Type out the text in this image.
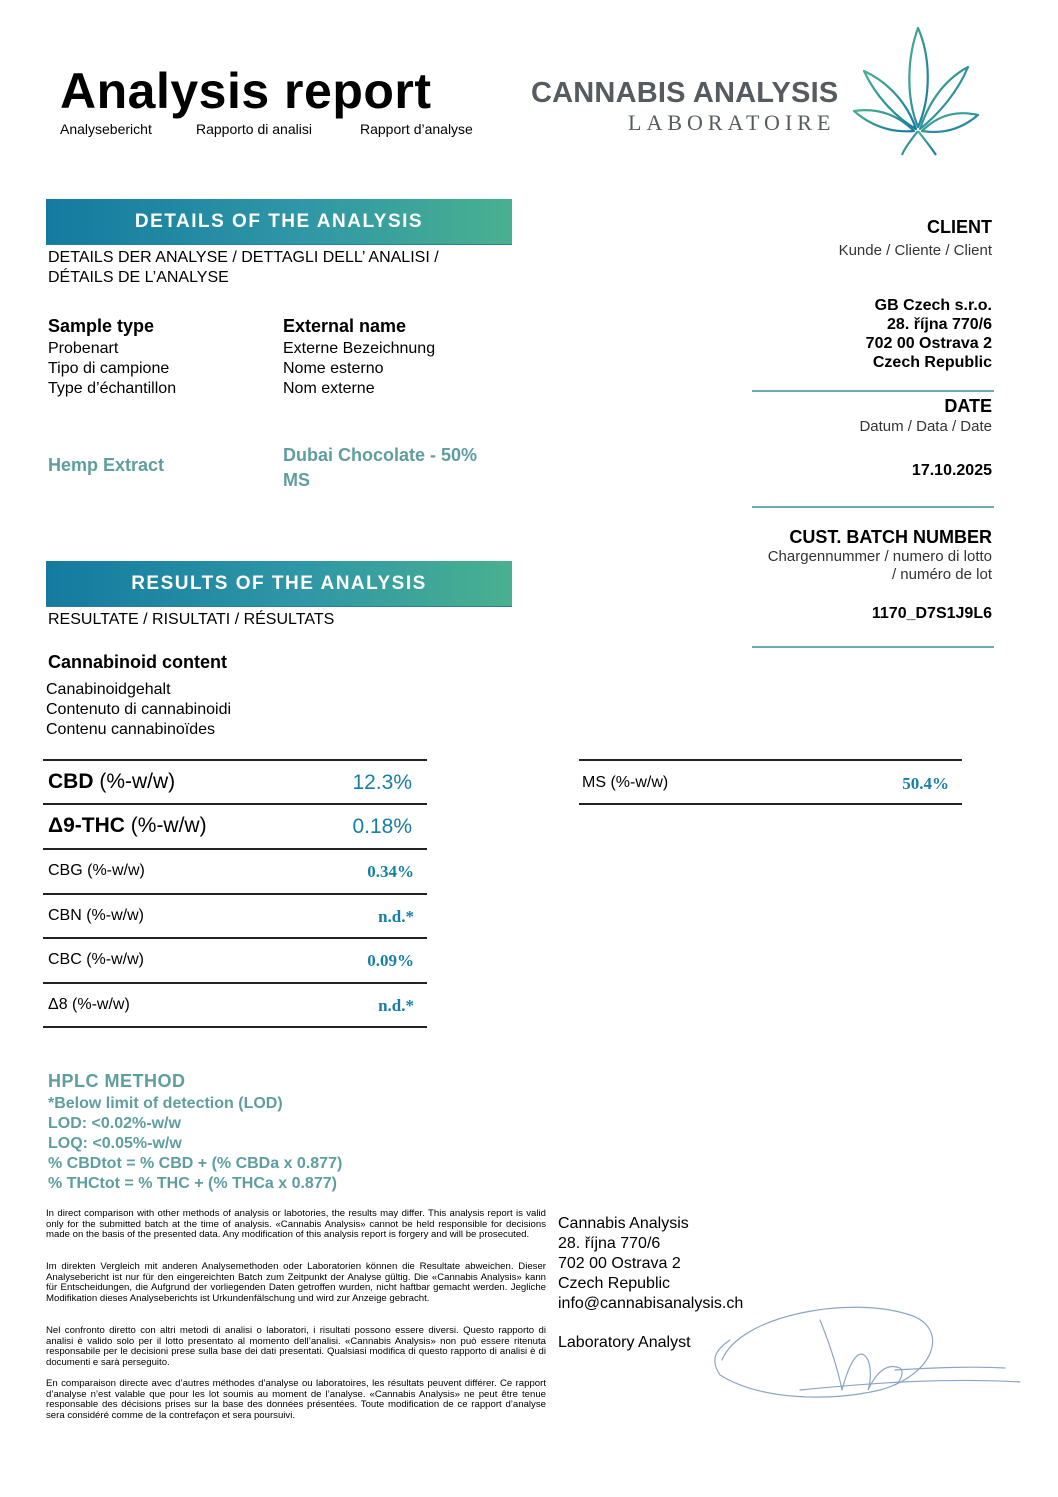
Analysis report
Analysebericht	Rapporto di analisi	Rapport d’analyse
CANNABIS ANALYSIS
LABORATOIRE
DETAILS OF THE ANALYSIS
DETAILS DER ANALYSE / DETTAGLI DELL’ ANALISI /
DÉTAILS DE L’ANALYSE
Sample type
Probenart
Tipo di campione
Type d’échantillon
Hemp Extract
External name
Externe Bezeichnung
Nome esterno
Nom externe
Dubai Chocolate - 50%
MS
CLIENT
Kunde / Cliente / Client
GB Czech s.r.o.
28. října 770/6
702 00 Ostrava 2
Czech Republic
DATE
Datum / Data / Date
17.10.2025
CUST. BATCH NUMBER
Chargennummer / numero di lotto
/ numéro de lot
1170_D7S1J9L6
RESULTS OF THE ANALYSIS
RESULTATE / RISULTATI / RÉSULTATS
Cannabinoid content
Canabinoidgehalt
Contenuto di cannabinoidi
Contenu cannabinoïdes
CBD (%-w/w)	12.3%
Δ9-THC (%-w/w)	0.18%
CBG (%-w/w)	0.34%
CBN (%-w/w)	n.d.*
CBC (%-w/w)	0.09%
Δ8 (%-w/w)	n.d.*
MS (%-w/w)	50.4%
HPLC METHOD
*Below limit of detection (LOD)
LOD: <0.02%-w/w
LOQ: <0.05%-w/w
% CBDtot = % CBD + (% CBDa x 0.877)
% THCtot = % THC + (% THCa x 0.877)
In direct comparison with other methods of analysis or labotories, the results may differ. This analysis report is valid only for the submitted batch at the time of analysis. «Cannabis Analysis» cannot be held responsible for decisions made on the basis of the presented data. Any modification of this analysis report is forgery and will be prosecuted.
Im direkten Vergleich mit anderen Analysemethoden oder Laboratorien können die Resultate abweichen. Dieser Analysebericht ist nur für den eingereichten Batch zum Zeitpunkt der Analyse gültig. Die «Cannabis Analysis» kann für Entscheidungen, die Aufgrund der vorliegenden Daten getroffen wurden, nicht haftbar gemacht werden. Jegliche Modifikation dieses Analyseberichts ist Urkundenfälschung und wird zur Anzeige gebracht.
Nel confronto diretto con altri metodi di analisi o laboratori, i risultati possono essere diversi. Questo rapporto di analisi è valido solo per il lotto presentato al momento dell’analisi. «Cannabis Analysis» non può essere ritenuta responsabile per le decisioni prese sulla base dei dati presentati. Qualsiasi modifica di questo rapporto di analisi è di documenti e sarà perseguito.
En comparaison directe avec d’autres méthodes d’analyse ou laboratoires, les résultats peuvent différer. Ce rapport d’analyse n’est valable que pour les lot soumis au moment de l’analyse. «Cannabis Analysis» ne peut être tenue responsable des décisions prises sur la base des données présentées. Toute modification de ce rapport d’analyse sera considéré comme de la contrefaçon et sera poursuivi.
Cannabis Analysis
28. října 770/6
702 00 Ostrava 2
Czech Republic
info@cannabisanalysis.ch
Laboratory Analyst
